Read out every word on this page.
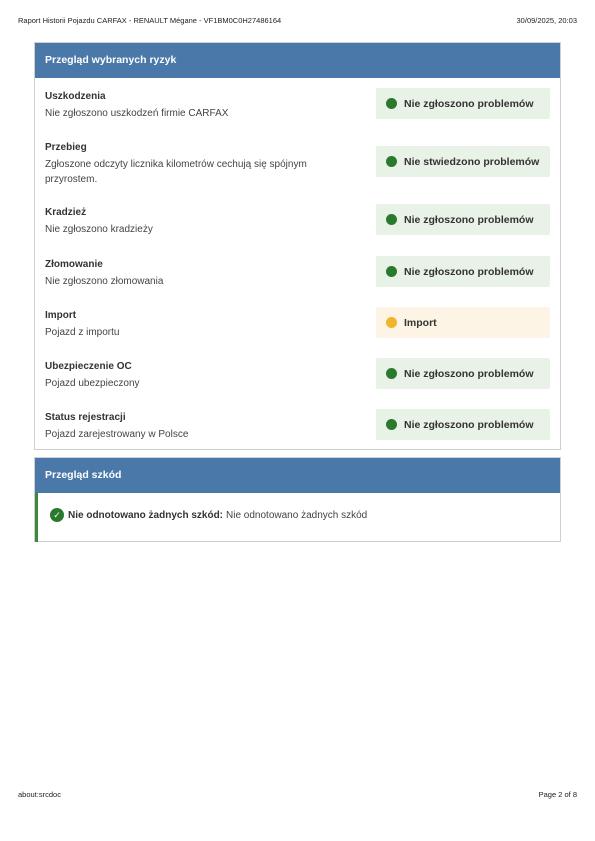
Raport Historii Pojazdu CARFAX - RENAULT Mégane - VF1BM0C0H27486164	30/09/2025, 20:03
Przegląd wybranych ryzyk
Uszkodzenia
Nie zgłoszono uszkodzeń firmie CARFAX
Nie zgłoszono problemów
Przebieg
Zgłoszone odczyty licznika kilometrów cechują się spójnym przyrostem.
Nie stwiedzono problemów
Kradzież
Nie zgłoszono kradzieży
Nie zgłoszono problemów
Złomowanie
Nie zgłoszono złomowania
Nie zgłoszono problemów
Import
Pojazd z importu
Import
Ubezpieczenie OC
Pojazd ubezpieczony
Nie zgłoszono problemów
Status rejestracji
Pojazd zarejestrowany w Polsce
Nie zgłoszono problemów
Przegląd szkód
✓ Nie odnotowano żadnych szkód: Nie odnotowano żadnych szkód
about:srcdoc	Page 2 of 8
